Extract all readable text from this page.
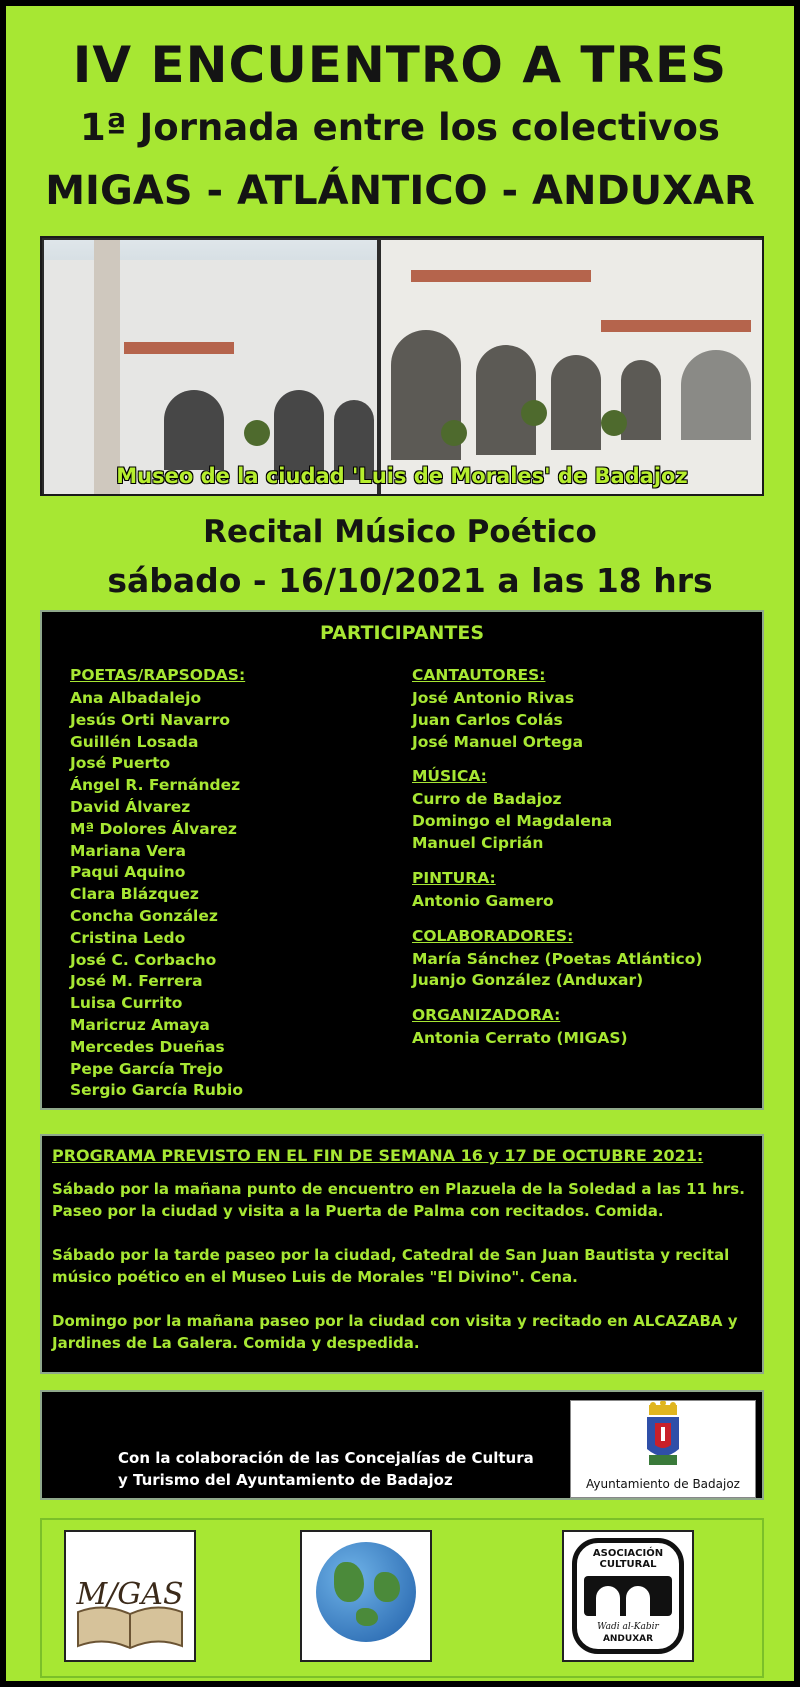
IV ENCUENTRO A TRES
1ª Jornada entre los colectivos
MIGAS - ATLÁNTICO - ANDUXAR
Museo de la ciudad 'Luis de Morales' de Badajoz
Recital Músico Poético
sábado - 16/10/2021 a las 18 hrs
PARTICIPANTES
POETAS/RAPSODAS:
Ana Albadalejo
Jesús Orti Navarro
Guillén Losada
José Puerto
Ángel R. Fernández
David Álvarez
Mª Dolores Álvarez
Mariana Vera
Paqui Aquino
Clara Blázquez
Concha González
Cristina Ledo
José C. Corbacho
José M. Ferrera
Luisa Currito
Maricruz Amaya
Mercedes Dueñas
Pepe García Trejo
Sergio García Rubio
CANTAUTORES:
José Antonio Rivas
Juan Carlos Colás
José Manuel Ortega
MÚSICA:
Curro de Badajoz
Domingo el Magdalena
Manuel Ciprián
PINTURA:
Antonio Gamero
COLABORADORES:
María Sánchez (Poetas Atlántico)
Juanjo González (Anduxar)
ORGANIZADORA:
Antonia Cerrato (MIGAS)
PROGRAMA PREVISTO EN EL FIN DE SEMANA 16 y 17 DE OCTUBRE 2021:

Sábado por la mañana punto de encuentro en Plazuela de la Soledad a las 11 hrs. Paseo por la ciudad y visita a la Puerta de Palma con recitados. Comida.

Sábado por la tarde paseo por la ciudad, Catedral de San Juan Bautista y recital músico poético en el Museo Luis de Morales "El Divino". Cena.

Domingo por la mañana paseo por la ciudad con visita y recitado en ALCAZABA y Jardines de La Galera. Comida y despedida.

Con la colaboración de las Concejalías de Cultura
y Turismo del Ayuntamiento de Badajoz	Ayuntamiento de Badajoz
M/GAS
ASOCIACIÓN
CULTURAL
Wadi al-Kabir
ANDUXAR
